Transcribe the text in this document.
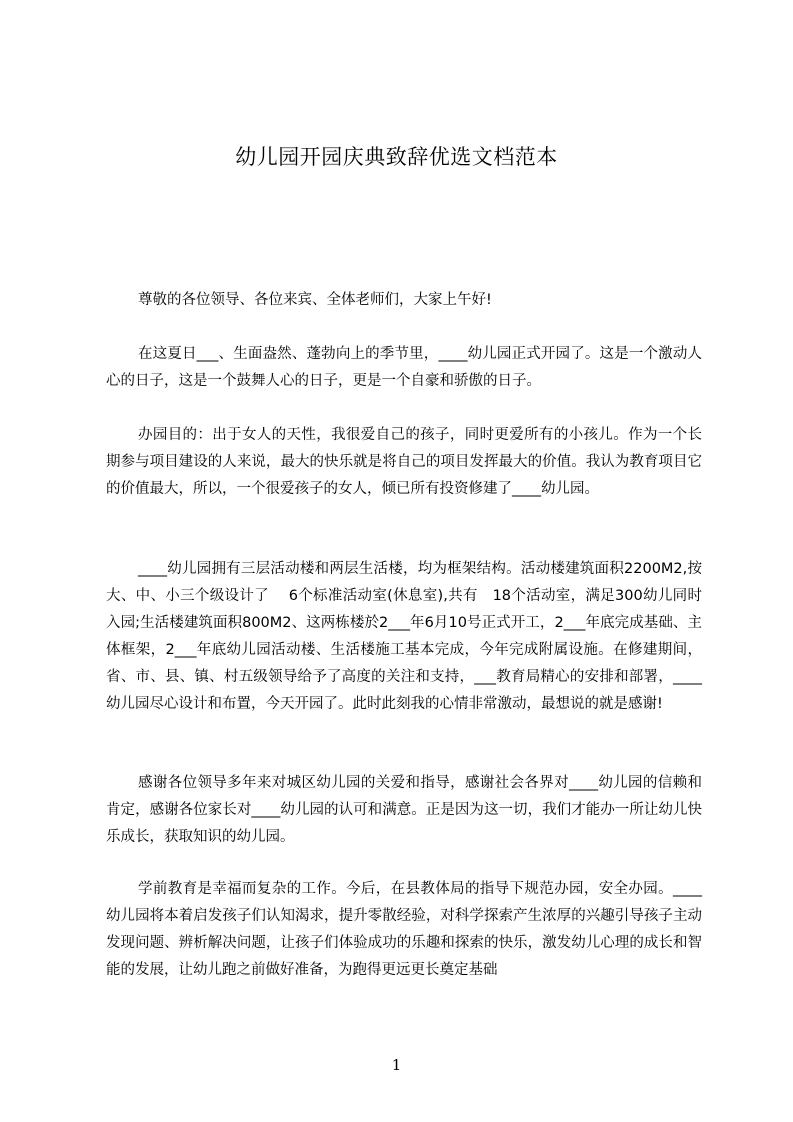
幼儿园开园庆典致辞优选文档范本

尊敬的各位领导、各位来宾、全体老师们，大家上午好!

在这夏日___、生面盎然、蓬勃向上的季节里，____幼儿园正式开园了。这是一个激动人心的日子，这是一个鼓舞人心的日子，更是一个自豪和骄傲的日子。

办园目的：出于女人的天性，我很爱自己的孩子，同时更爱所有的小孩儿。作为一个长期参与项目建设的人来说，最大的快乐就是将自己的项目发挥最大的价值。我认为教育项目它的价值最大，所以，一个很爱孩子的女人，倾已所有投资修建了____幼儿园。

____幼儿园拥有三层活动楼和两层生活楼，均为框架结构。活动楼建筑面积2200M2,按大、中、小三个级设计了　 6个标准活动室(休息室),共有　18个活动室，满足300幼儿同时入园;生活楼建筑面积800M2、这两栋楼於2___年6月10号正式开工，2___年底完成基础、主体框架，2___年底幼儿园活动楼、生活楼施工基本完成，今年完成附属设施。在修建期间，省、市、县、镇、村五级领导给予了高度的关注和支持，___教育局精心的安排和部署，____幼儿园尽心设计和布置，今天开园了。此时此刻我的心情非常激动，最想说的就是感谢!

感谢各位领导多年来对城区幼儿园的关爱和指导，感谢社会各界对____幼儿园的信赖和肯定，感谢各位家长对____幼儿园的认可和满意。正是因为这一切，我们才能办一所让幼儿快乐成长，获取知识的幼儿园。

学前教育是幸福而复杂的工作。今后，在县教体局的指导下规范办园，安全办园。____幼儿园将本着启发孩子们认知渴求，提升零散经验，对科学探索产生浓厚的兴趣引导孩子主动发现问题、辨析解决问题，让孩子们体验成功的乐趣和探索的快乐，激发幼儿心理的成长和智能的发展，让幼儿跑之前做好准备，为跑得更远更长奠定基础

1
